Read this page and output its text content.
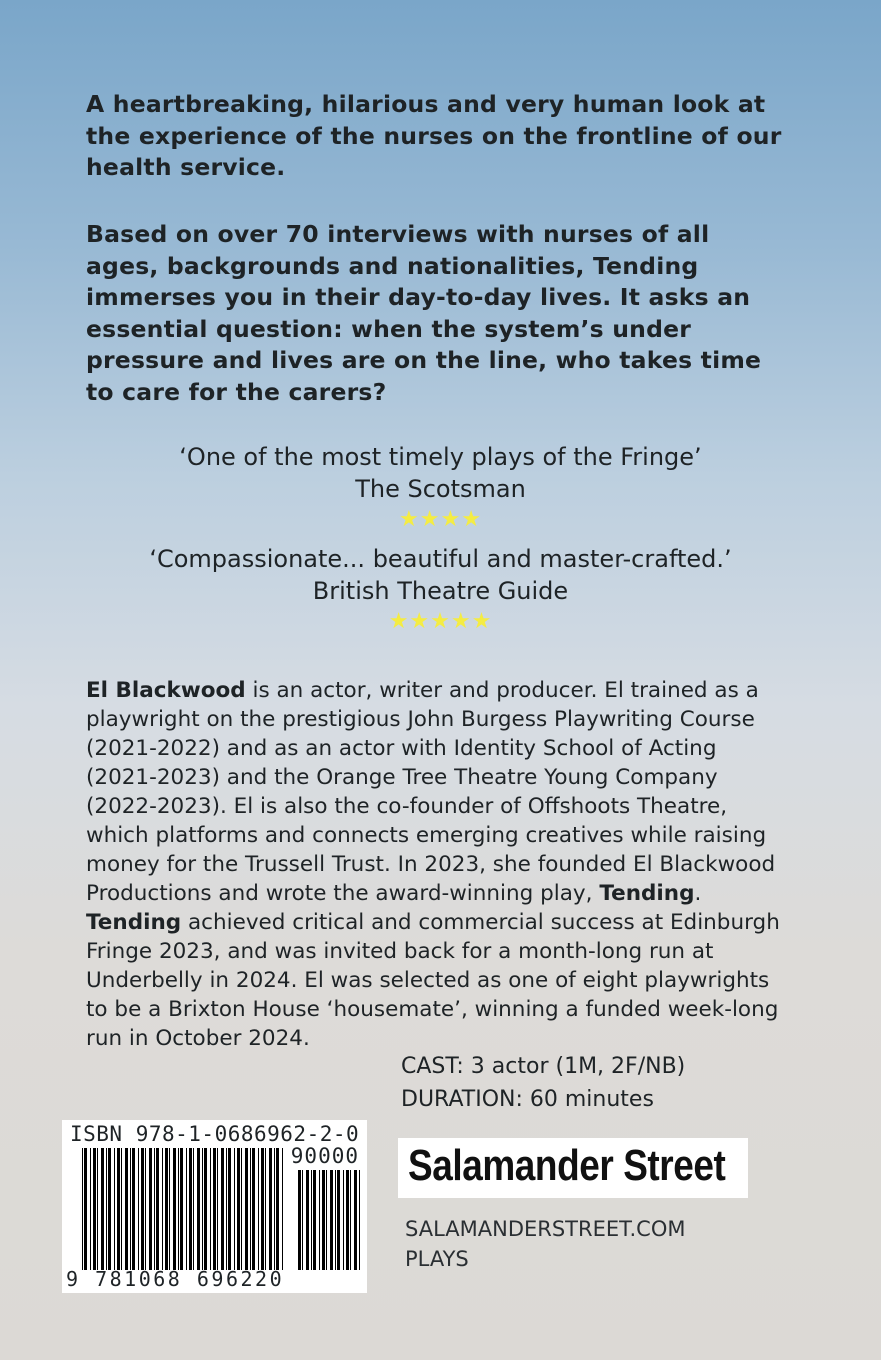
A heartbreaking, hilarious and very human look at the experience of the nurses on the frontline of our health service.
Based on over 70 interviews with nurses of all ages, backgrounds and nationalities, Tending immerses you in their day-to-day lives. It asks an essential question: when the system’s under pressure and lives are on the line, who takes time to care for the carers?

‘One of the most timely plays of the Fringe’

The Scotsman

★★★★

‘Compassionate... beautiful and master-crafted.’

British Theatre Guide

★★★★★
El Blackwood is an actor, writer and producer. El trained as a playwright on the prestigious John Burgess Playwriting Course (2021-2022) and as an actor with Identity School of Acting (2021-2023) and the Orange Tree Theatre Young Company (2022-2023). El is also the co-founder of Offshoots Theatre, which platforms and connects emerging creatives while raising money for the Trussell Trust. In 2023, she founded El Blackwood Productions and wrote the award-winning play, Tending. Tending achieved critical and commercial success at Edinburgh Fringe 2023, and was invited back for a month-long run at Underbelly in 2024. El was selected as one of eight playwrights to be a Brixton House ‘housemate’, winning a funded week-long run in October 2024.
CAST: 3 actor (1M, 2F/NB)
DURATION: 60 minutes
ISBN 978-1-0686962-2-0
90000
9 781068 696220
Salamander Street
SALAMANDERSTREET.COM
PLAYS
